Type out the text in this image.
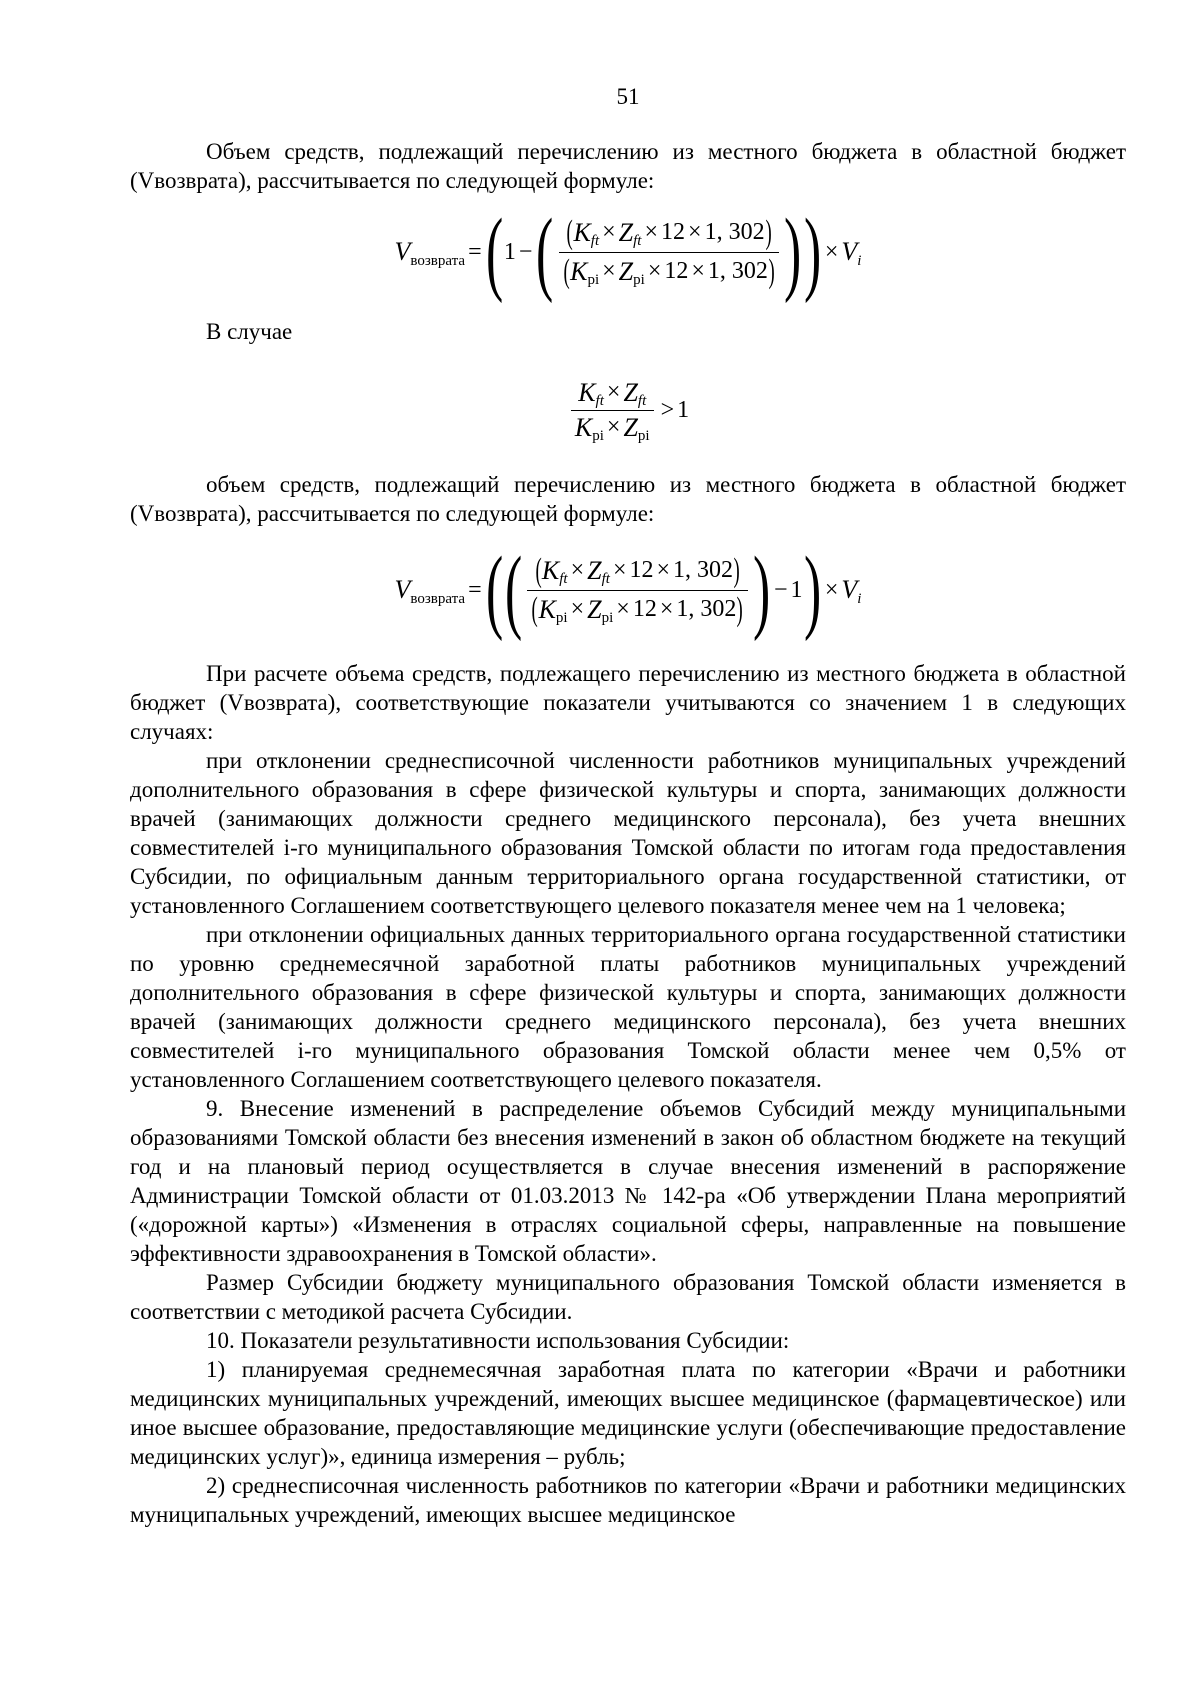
51

Объем средств, подлежащий перечислению из местного бюджета в областной бюджет (Vвозврата), рассчитывается по следующей формуле:

V возврата = ( 1 − ( ( K ft × Z ft × 12 × 1, 302 )
( K pi × Z pi × 12 × 1, 302 ) ) ) × V i

В случае

$\frac{\text{K ft × Z ft}}{\text{K pi × Z pi}} > 1$

объем средств, подлежащий перечислению из местного бюджета в областной бюджет (Vвозврата), рассчитывается по следующей формуле:

V возврата = ( ( ( K ft × Z ft × 12 × 1, 302 )
( K pi × Z pi × 12 × 1, 302 ) ) − 1 ) × V i

При расчете объема средств, подлежащего перечислению из местного бюджета в областной бюджет (Vвозврата), соответствующие показатели учитываются со значением 1 в следующих случаях:

при отклонении среднесписочной численности работников муниципальных учреждений дополнительного образования в сфере физической культуры и спорта, занимающих должности врачей (занимающих должности среднего медицинского персонала), без учета внешних совместителей i-го муниципального образования Томской области по итогам года предоставления Субсидии, по официальным данным территориального органа государственной статистики, от установленного Соглашением соответствующего целевого показателя менее чем на 1 человека;

при отклонении официальных данных территориального органа государственной статистики по уровню среднемесячной заработной платы работников муниципальных учреждений дополнительного образования в сфере физической культуры и спорта, занимающих должности врачей (занимающих должности среднего медицинского персонала), без учета внешних совместителей i-го муниципального образования Томской области менее чем 0,5% от установленного Соглашением соответствующего целевого показателя.

9. Внесение изменений в распределение объемов Субсидий между муниципальными образованиями Томской области без внесения изменений в закон об областном бюджете на текущий год и на плановый период осуществляется в случае внесения изменений в распоряжение Администрации Томской области от 01.03.2013 № 142-ра «Об утверждении Плана мероприятий («дорожной карты») «Изменения в отраслях социальной сферы, направленные на повышение эффективности здравоохранения в Томской области».

Размер Субсидии бюджету муниципального образования Томской области изменяется в соответствии с методикой расчета Субсидии.

10. Показатели результативности использования Субсидии:

1) планируемая среднемесячная заработная плата по категории «Врачи и работники медицинских муниципальных учреждений, имеющих высшее медицинское (фармацевтическое) или иное высшее образование, предоставляющие медицинские услуги (обеспечивающие предоставление медицинских услуг)», единица измерения – рубль;

2) среднесписочная численность работников по категории «Врачи и работники медицинских муниципальных учреждений, имеющих высшее медицинское
